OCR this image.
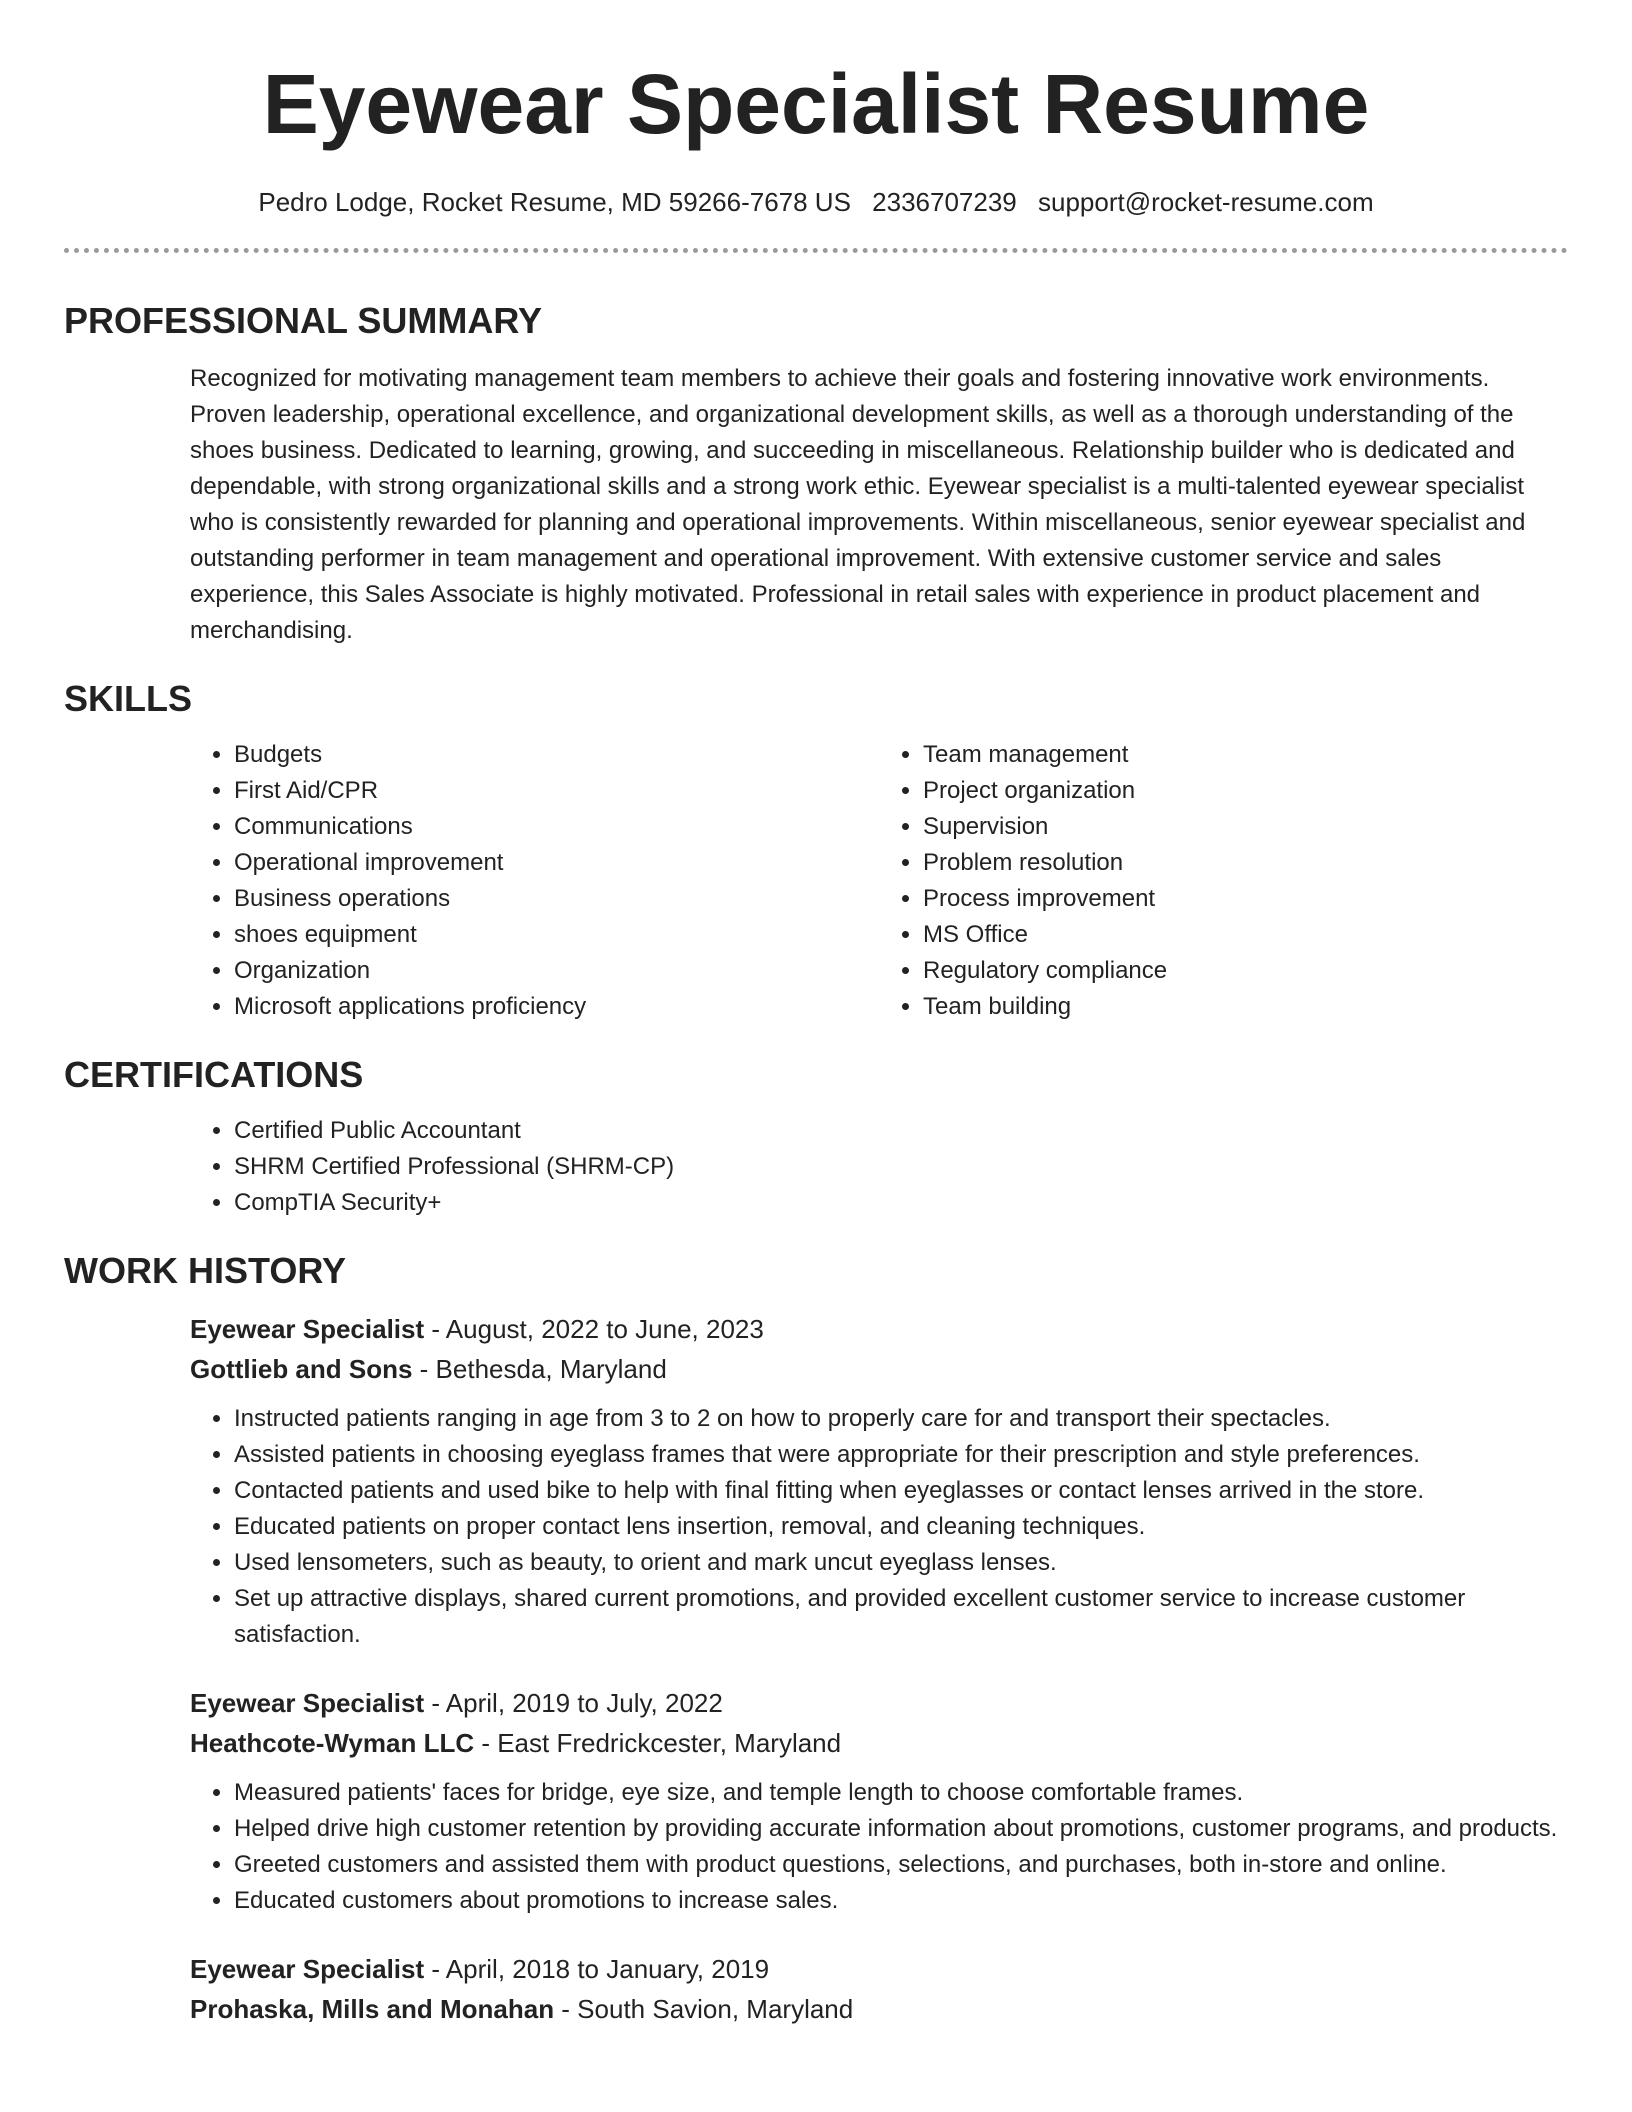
Eyewear Specialist Resume
Pedro Lodge, Rocket Resume, MD 59266-7678 US 2336707239 support@rocket-resume.com
PROFESSIONAL SUMMARY

Recognized for motivating management team members to achieve their goals and fostering innovative work environments. Proven leadership, operational excellence, and organizational development skills, as well as a thorough understanding of the shoes business. Dedicated to learning, growing, and succeeding in miscellaneous. Relationship builder who is dedicated and dependable, with strong organizational skills and a strong work ethic. Eyewear specialist is a multi-talented eyewear specialist who is consistently rewarded for planning and operational improvements. Within miscellaneous, senior eyewear specialist and outstanding performer in team management and operational improvement. With extensive customer service and sales experience, this Sales Associate is highly motivated. Professional in retail sales with experience in product placement and merchandising.

SKILLS
• Budgets
• First Aid/CPR
• Communications
• Operational improvement
• Business operations
• shoes equipment
• Organization
• Microsoft applications proficiency
• Team management
• Project organization
• Supervision
• Problem resolution
• Process improvement
• MS Office
• Regulatory compliance
• Team building
CERTIFICATIONS
• Certified Public Accountant
• SHRM Certified Professional (SHRM-CP)
• CompTIA Security+
WORK HISTORY
Eyewear Specialist - August, 2022 to June, 2023
Gottlieb and Sons - Bethesda, Maryland
• Instructed patients ranging in age from 3 to 2 on how to properly care for and transport their spectacles.
• Assisted patients in choosing eyeglass frames that were appropriate for their prescription and style preferences.
• Contacted patients and used bike to help with final fitting when eyeglasses or contact lenses arrived in the store.
• Educated patients on proper contact lens insertion, removal, and cleaning techniques.
• Used lensometers, such as beauty, to orient and mark uncut eyeglass lenses.
• Set up attractive displays, shared current promotions, and provided excellent customer service to increase customer satisfaction.
Eyewear Specialist - April, 2019 to July, 2022
Heathcote-Wyman LLC - East Fredrickcester, Maryland
• Measured patients' faces for bridge, eye size, and temple length to choose comfortable frames.
• Helped drive high customer retention by providing accurate information about promotions, customer programs, and products.
• Greeted customers and assisted them with product questions, selections, and purchases, both in-store and online.
• Educated customers about promotions to increase sales.
Eyewear Specialist - April, 2018 to January, 2019
Prohaska, Mills and Monahan - South Savion, Maryland
